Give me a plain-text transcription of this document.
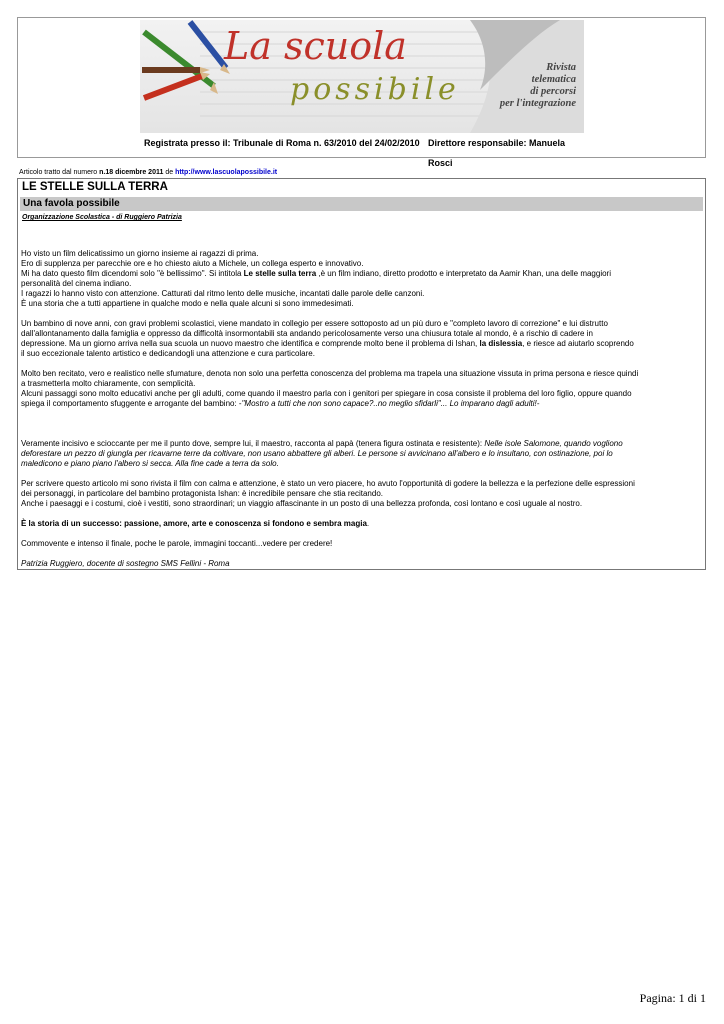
La scuola
possibile
Rivista
telematica
di percorsi
per l'integrazione
Registrata presso il: Tribunale di Roma n. 63/2010 del 24/02/2010 Direttore responsabile: Manuela Rosci
Articolo tratto dal numero n.18 dicembre 2011 de http://www.lascuolapossibile.it
LE STELLE SULLA TERRA
Una favola possibile
Organizzazione Scolastica - di Ruggiero Patrizia

Ho visto un film delicatissimo un giorno insieme ai ragazzi di prima.
Ero di supplenza per parecchie ore e ho chiesto aiuto a Michele, un collega esperto e innovativo.
Mi ha dato questo film dicendomi solo "è bellissimo". Si intitola Le stelle sulla terra ,è un film indiano, diretto prodotto e interpretato da Aamir Khan, una delle maggiori
personalità del cinema indiano.
I ragazzi lo hanno visto con attenzione. Catturati dal ritmo lento delle musiche, incantati dalle parole delle canzoni.
È una storia che a tutti appartiene in qualche modo e nella quale alcuni si sono immedesimati.

Un bambino di nove anni, con gravi problemi scolastici, viene mandato in collegio per essere sottoposto ad un più duro e "completo lavoro di correzione" e lui distrutto
dall'allontanamento dalla famiglia e oppresso da difficoltà insormontabili sta andando pericolosamente verso una chiusura totale al mondo, è a rischio di cadere in
depressione. Ma un giorno arriva nella sua scuola un nuovo maestro che identifica e comprende molto bene il problema di Ishan, la dislessia, e riesce ad aiutarlo scoprendo
il suo eccezionale talento artistico e dedicandogli una attenzione e cura particolare.

Molto ben recitato, vero e realistico nelle sfumature, denota non solo una perfetta conoscenza del problema ma trapela una situazione vissuta in prima persona e riesce quindi
a trasmetterla molto chiaramente, con semplicità.
Alcuni passaggi sono molto educativi anche per gli adulti, come quando il maestro parla con i genitori per spiegare in cosa consiste il problema del loro figlio, oppure quando
spiega il comportamento sfuggente e arrogante del bambino: -"Mostro a tutti che non sono capace?..no meglio sfidarli"... Lo imparano dagli adulti!-

Veramente incisivo e scioccante per me il punto dove, sempre lui, il maestro, racconta al papà (tenera figura ostinata e resistente): Nelle isole Salomone, quando vogliono
deforestare un pezzo di giungla per ricavarne terre da coltivare, non usano abbattere gli alberi. Le persone si avvicinano all'albero e lo insultano, con ostinazione, poi lo
maledicono e piano piano l'albero si secca. Alla fine cade a terra da solo.

Per scrivere questo articolo mi sono rivista il film con calma e attenzione, è stato un vero piacere, ho avuto l'opportunità di godere la bellezza e la perfezione delle espressioni
dei personaggi, in particolare del bambino protagonista Ishan: è incredibile pensare che stia recitando.
Anche i paesaggi e i costumi, cioè i vestiti, sono straordinari; un viaggio affascinante in un posto di una bellezza profonda, così lontano e così uguale al nostro.

È la storia di un successo: passione, amore, arte e conoscenza si fondono e sembra magia.

Commovente e intenso il finale, poche le parole, immagini toccanti...vedere per credere!

Patrizia Ruggiero, docente di sostegno SMS Fellini - Roma

Pagina: 1 di 1
